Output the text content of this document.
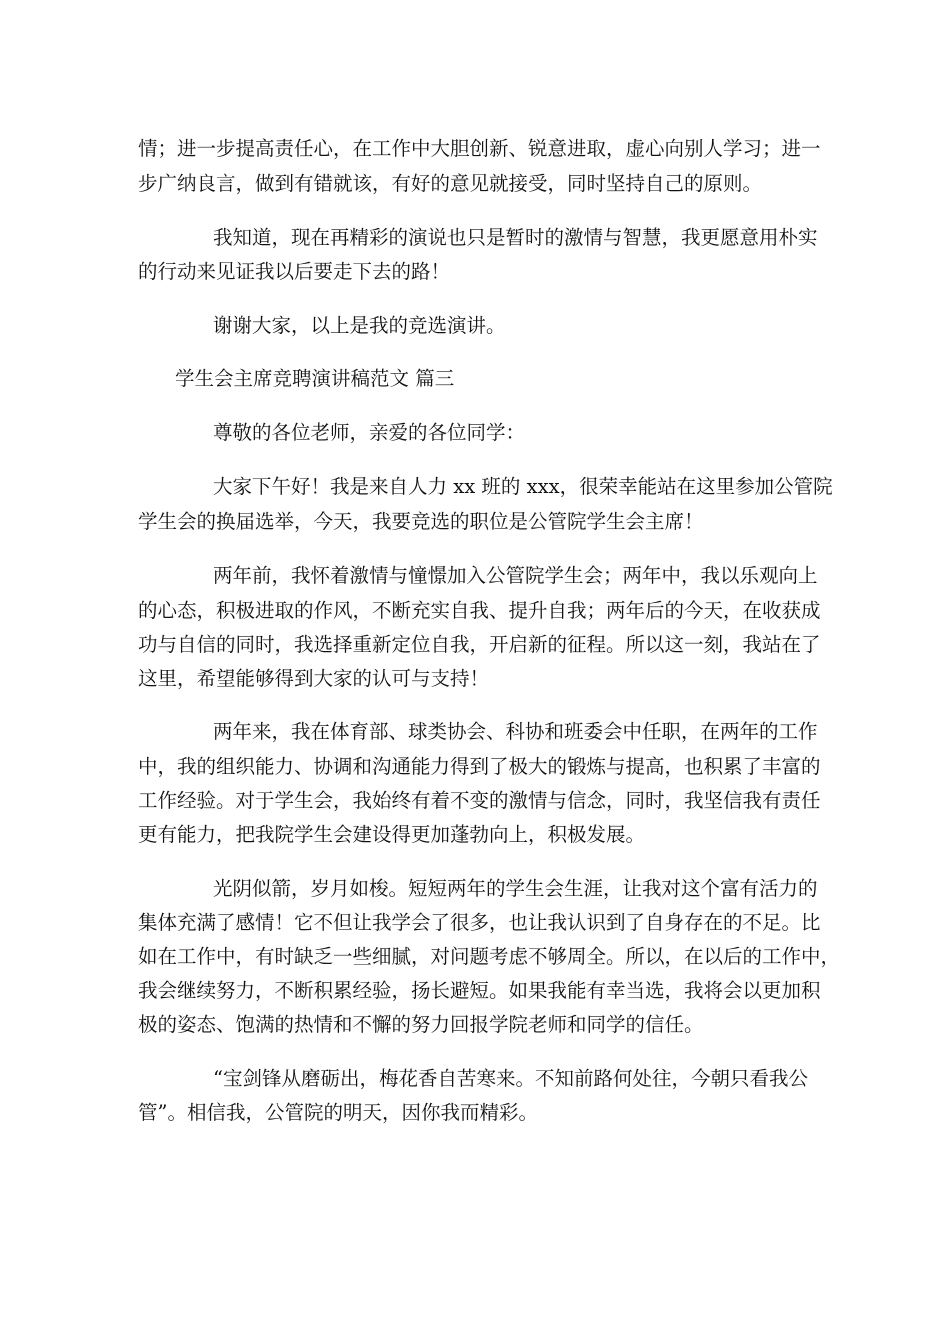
情；进一步提高责任心，在工作中大胆创新、锐意进取，虚心向别人学习；进一
步广纳良言，做到有错就该，有好的意见就接受，同时坚持自己的原则。
我知道，现在再精彩的演说也只是暂时的激情与智慧，我更愿意用朴实
的行动来见证我以后要走下去的路！
谢谢大家，以上是我的竞选演讲。
学生会主席竞聘演讲稿范文 篇三
尊敬的各位老师，亲爱的各位同学：
大家下午好！我是来自人力 xx 班的 xxx，很荣幸能站在这里参加公管院
学生会的换届选举，今天，我要竞选的职位是公管院学生会主席！
两年前，我怀着激情与憧憬加入公管院学生会；两年中，我以乐观向上
的心态，积极进取的作风，不断充实自我、提升自我；两年后的今天，在收获成
功与自信的同时，我选择重新定位自我，开启新的征程。所以这一刻，我站在了
这里，希望能够得到大家的认可与支持！
两年来，我在体育部、球类协会、科协和班委会中任职，在两年的工作
中，我的组织能力、协调和沟通能力得到了极大的锻炼与提高，也积累了丰富的
工作经验。对于学生会，我始终有着不变的激情与信念，同时，我坚信我有责任
更有能力，把我院学生会建设得更加蓬勃向上，积极发展。
光阴似箭，岁月如梭。短短两年的学生会生涯，让我对这个富有活力的
集体充满了感情！它不但让我学会了很多，也让我认识到了自身存在的不足。比
如在工作中，有时缺乏一些细腻，对问题考虑不够周全。所以，在以后的工作中，
我会继续努力，不断积累经验，扬长避短。如果我能有幸当选，我将会以更加积
极的姿态、饱满的热情和不懈的努力回报学院老师和同学的信任。
“宝剑锋从磨砺出，梅花香自苦寒来。不知前路何处往，今朝只看我公
管”。相信我，公管院的明天，因你我而精彩。
